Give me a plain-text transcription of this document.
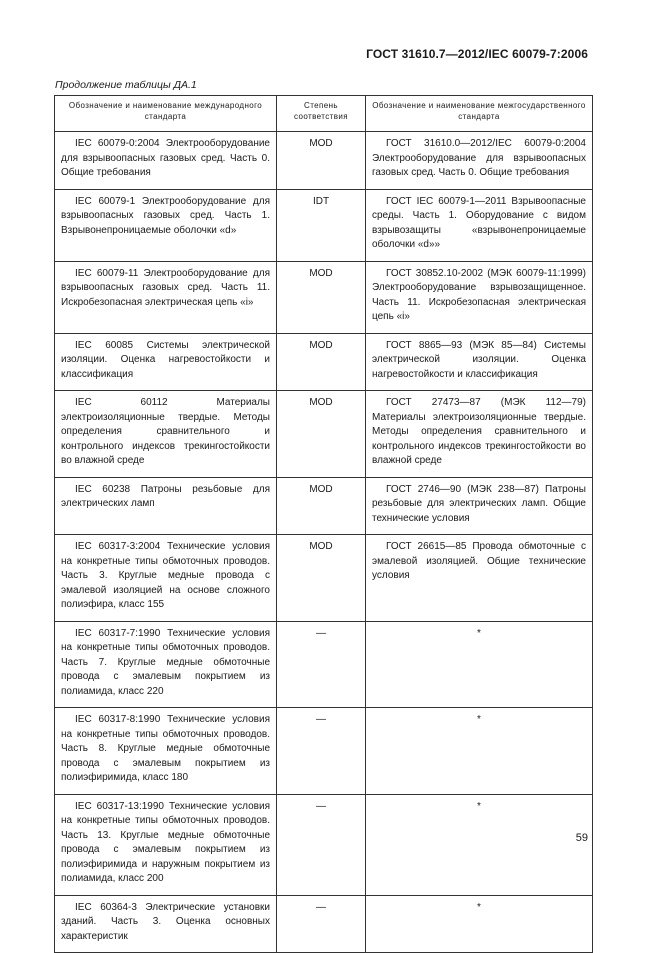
ГОСТ 31610.7—2012/IEC 60079-7:2006
Продолжение таблицы ДА.1
Обозначение и наименование международного стандарта	Степень соответствия	Обозначение и наименование межгосударственного стандарта
IEC 60079-0:2004 Электрооборудование для взрывоопасных газовых сред. Часть 0. Общие требования	MOD	ГОСТ 31610.0—2012/IEC 60079-0:2004 Электрооборудование для взрывоопасных газовых сред. Часть 0. Общие требования
IEC 60079-1 Электрооборудование для взрывоопасных газовых сред. Часть 1. Взрывонепроницаемые оболочки «d»	IDT	ГОСТ IEC 60079-1—2011 Взрывоопасные среды. Часть 1. Оборудование с видом взрывозащиты «взрывонепроницаемые оболочки «d»»
IEC 60079-11 Электрооборудование для взрывоопасных газовых сред. Часть 11. Искробезопасная электрическая цепь «i»	MOD	ГОСТ 30852.10-2002 (МЭК 60079-11:1999) Электрооборудование взрывозащищенное. Часть 11. Искробезопасная электрическая цепь «i»
IEC 60085 Системы электрической изоляции. Оценка нагревостойкости и классификация	MOD	ГОСТ 8865—93 (МЭК 85—84) Системы электрической изоляции. Оценка нагревостойкости и классификация
IEC 60112 Материалы электроизоляционные твердые. Методы определения сравнительного и контрольного индексов трекингостойкости во влажной среде	MOD	ГОСТ 27473—87 (МЭК 112—79) Материалы электроизоляционные твердые. Методы определения сравнительного и контрольного индексов трекингостойкости во влажной среде
IEC 60238 Патроны резьбовые для электрических ламп	MOD	ГОСТ 2746—90 (МЭК 238—87) Патроны резьбовые для электрических ламп. Общие технические условия
IEC 60317-3:2004 Технические условия на конкретные типы обмоточных проводов. Часть 3. Круглые медные провода с эмалевой изоляцией на основе сложного полиэфира, класс 155	MOD	ГОСТ 26615—85 Провода обмоточные с эмалевой изоляцией. Общие технические условия
IEC 60317-7:1990 Технические условия на конкретные типы обмоточных проводов. Часть 7. Круглые медные обмоточные провода с эмалевым покрытием из полиамида, класс 220	—	*
IEC 60317-8:1990 Технические условия на конкретные типы обмоточных проводов. Часть 8. Круглые медные обмоточные провода с эмалевым покрытием из полиэфиримида, класс 180	—	*
IEC 60317-13:1990 Технические условия на конкретные типы обмоточных проводов. Часть 13. Круглые медные обмоточные провода с эмалевым покрытием из полиэфиримида и наружным покрытием из полиамида, класс 200	—	*
IEC 60364-3 Электрические установки зданий. Часть 3. Оценка основных характеристик	—	*
59
